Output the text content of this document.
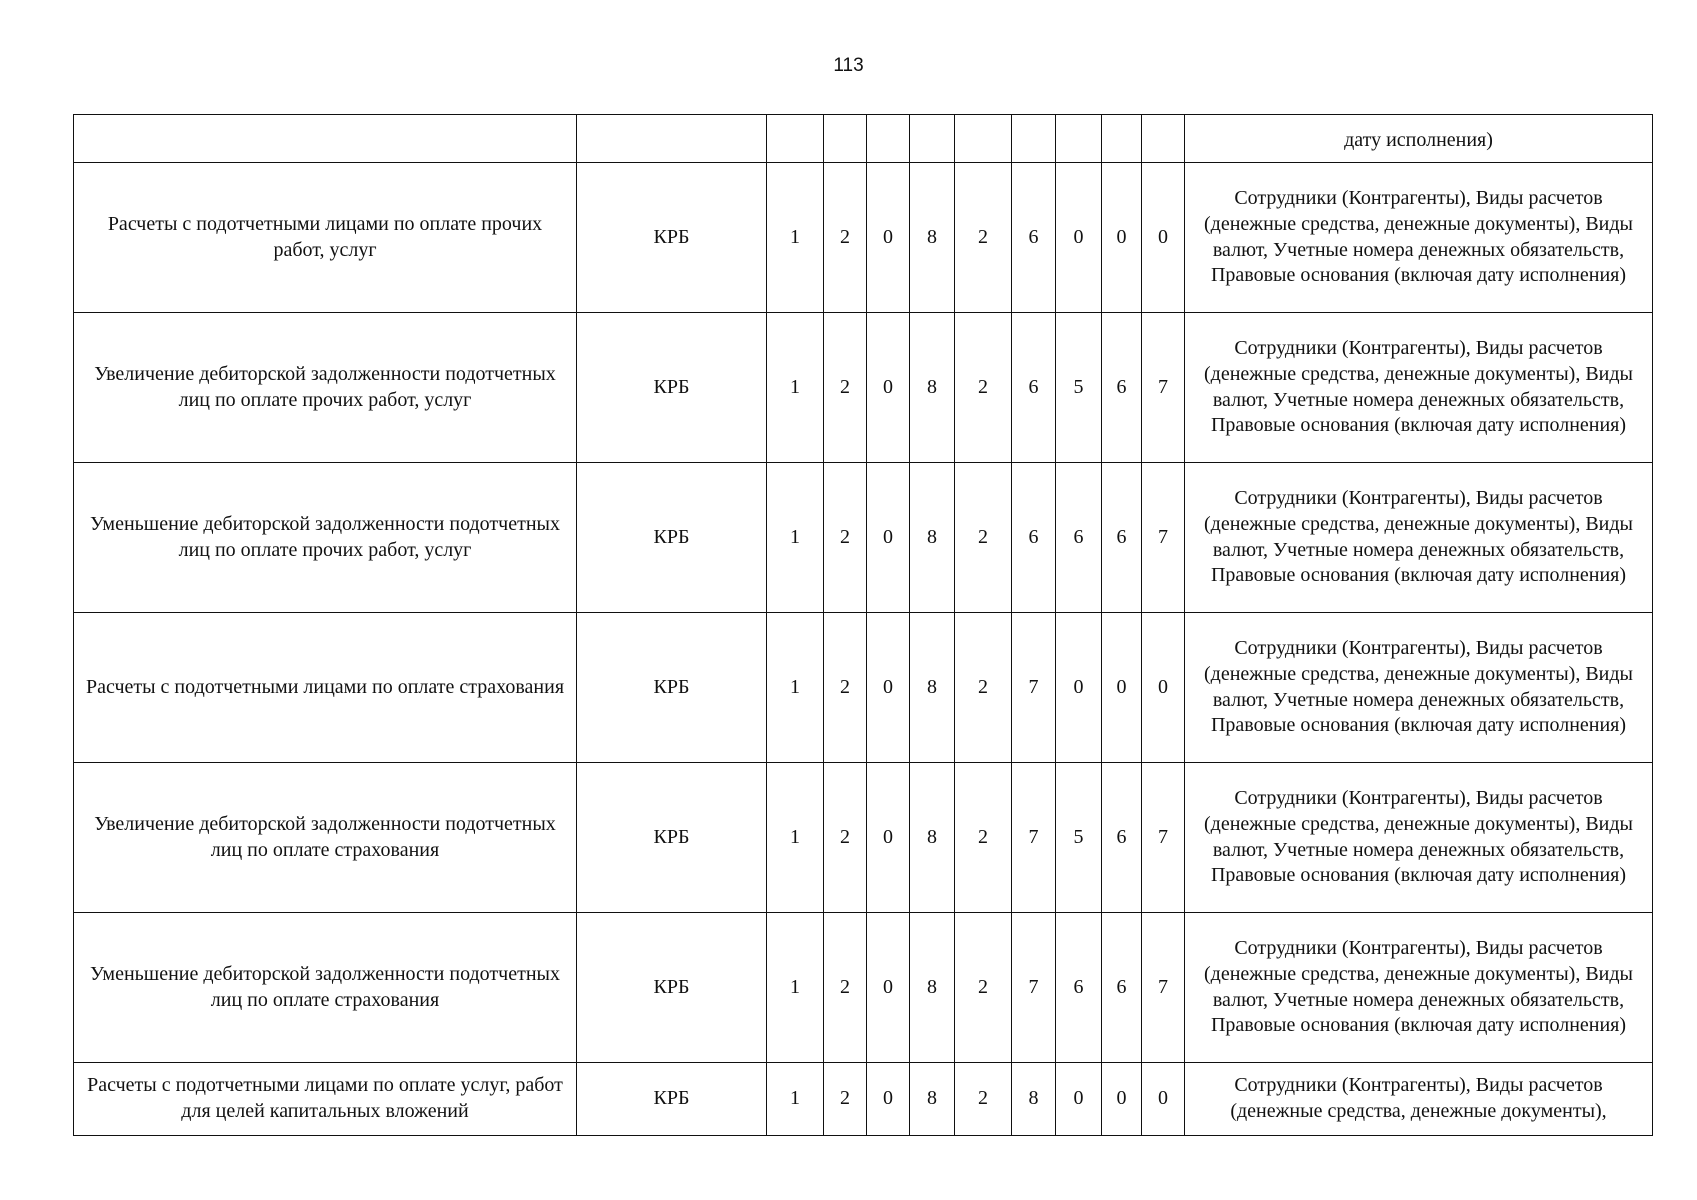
113
											дату исполнения)
Расчеты с подотчетными лицами по оплате прочих работ, услуг	КРБ	1	2	0	8	2	6	0	0	0	Сотрудники (Контрагенты), Виды расчетов (денежные средства, денежные документы), Виды валют, Учетные номера денежных обязательств, Правовые основания (включая дату исполнения)
Увеличение дебиторской задолженности подотчетных лиц по оплате прочих работ, услуг	КРБ	1	2	0	8	2	6	5	6	7	Сотрудники (Контрагенты), Виды расчетов (денежные средства, денежные документы), Виды валют, Учетные номера денежных обязательств, Правовые основания (включая дату исполнения)
Уменьшение дебиторской задолженности подотчетных лиц по оплате прочих работ, услуг	КРБ	1	2	0	8	2	6	6	6	7	Сотрудники (Контрагенты), Виды расчетов (денежные средства, денежные документы), Виды валют, Учетные номера денежных обязательств, Правовые основания (включая дату исполнения)
Расчеты с подотчетными лицами по оплате страхования	КРБ	1	2	0	8	2	7	0	0	0	Сотрудники (Контрагенты), Виды расчетов (денежные средства, денежные документы), Виды валют, Учетные номера денежных обязательств, Правовые основания (включая дату исполнения)
Увеличение дебиторской задолженности подотчетных лиц по оплате страхования	КРБ	1	2	0	8	2	7	5	6	7	Сотрудники (Контрагенты), Виды расчетов (денежные средства, денежные документы), Виды валют, Учетные номера денежных обязательств, Правовые основания (включая дату исполнения)
Уменьшение дебиторской задолженности подотчетных лиц по оплате страхования	КРБ	1	2	0	8	2	7	6	6	7	Сотрудники (Контрагенты), Виды расчетов (денежные средства, денежные документы), Виды валют, Учетные номера денежных обязательств, Правовые основания (включая дату исполнения)
Расчеты с подотчетными лицами по оплате услуг, работ для целей капитальных вложений	КРБ	1	2	0	8	2	8	0	0	0	Сотрудники (Контрагенты), Виды расчетов (денежные средства, денежные документы),
